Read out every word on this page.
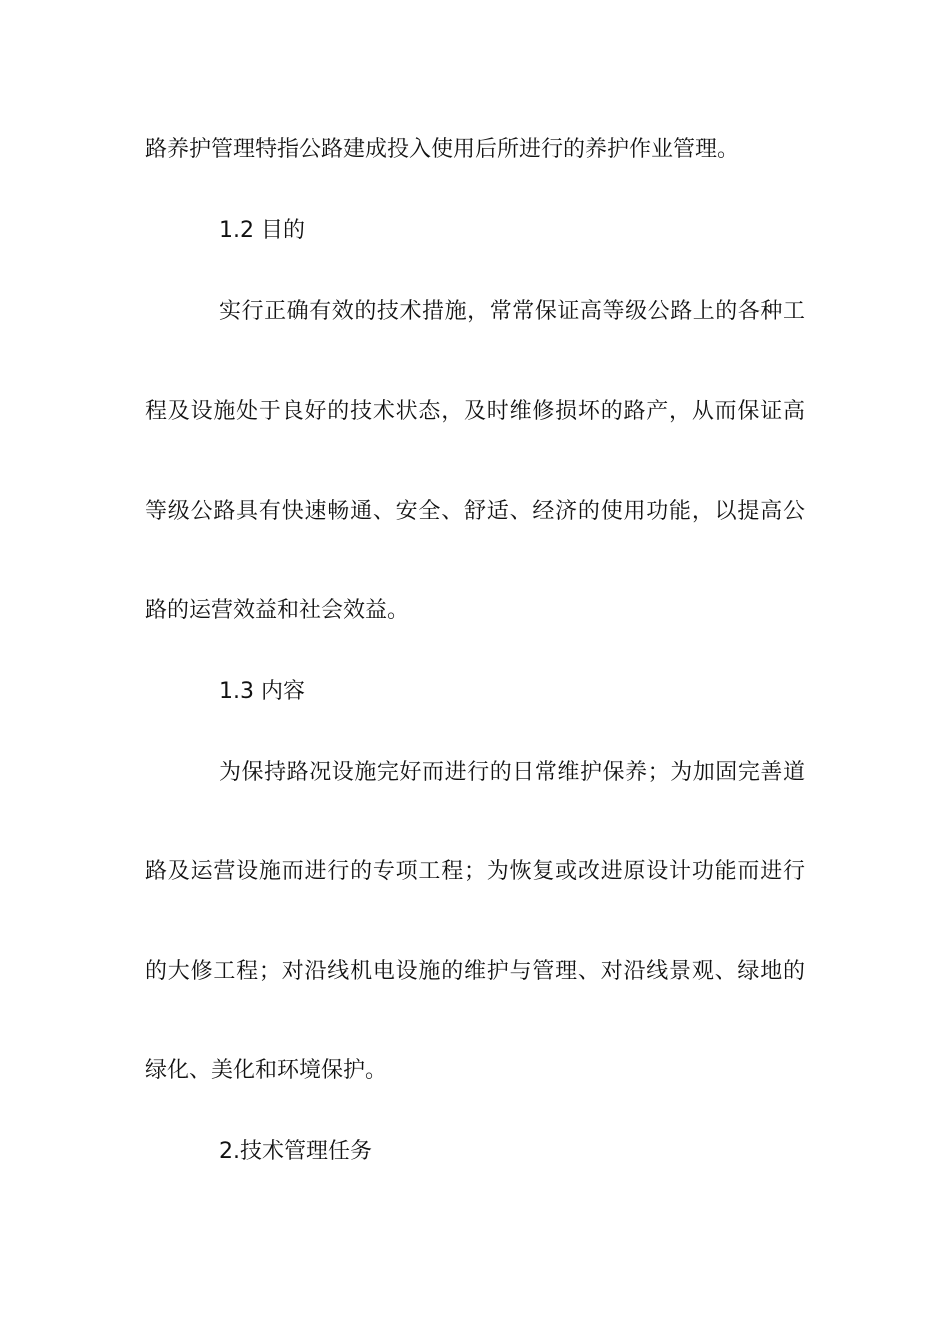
路养护管理特指公路建成投入使用后所进行的养护作业管理。
1.2 目的
实行正确有效的技术措施，常常保证高等级公路上的各种工
程及设施处于良好的技术状态，及时维修损坏的路产，从而保证高
等级公路具有快速畅通、安全、舒适、经济的使用功能，以提高公
路的运营效益和社会效益。
1.3 内容
为保持路况设施完好而进行的日常维护保养；为加固完善道
路及运营设施而进行的专项工程；为恢复或改进原设计功能而进行
的大修工程；对沿线机电设施的维护与管理、对沿线景观、绿地的
绿化、美化和环境保护。
2.技术管理任务
